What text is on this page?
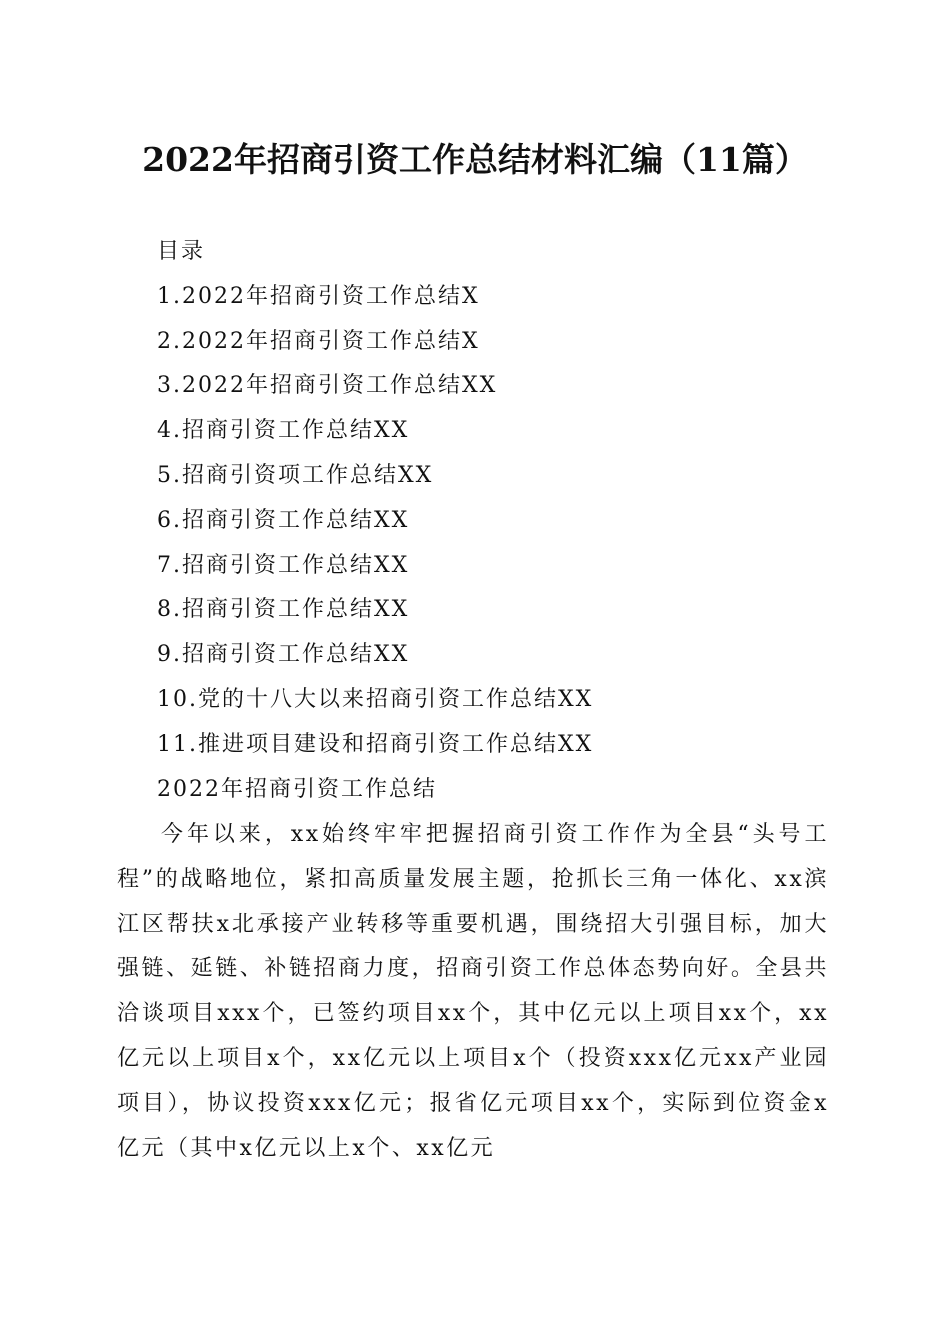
2022年招商引资工作总结材料汇编（11篇）
目录
1.2022年招商引资工作总结X
2.2022年招商引资工作总结X
3.2022年招商引资工作总结XX
4.招商引资工作总结XX
5.招商引资项工作总结XX
6.招商引资工作总结XX
7.招商引资工作总结XX
8.招商引资工作总结XX
9.招商引资工作总结XX
10.党的十八大以来招商引资工作总结XX
11.推进项目建设和招商引资工作总结XX
2022年招商引资工作总结

今年以来，xx始终牢牢把握招商引资工作作为全县“头号工程”的战略地位，紧扣高质量发展主题，抢抓长三角一体化、xx滨江区帮扶x北承接产业转移等重要机遇，围绕招大引强目标，加大强链、延链、补链招商力度，招商引资工作总体态势向好。全县共洽谈项目xxx个，已签约项目xx个，其中亿元以上项目xx个，xx亿元以上项目x个，xx亿元以上项目x个（投资xxx亿元xx产业园项目），协议投资xxx亿元；报省亿元项目xx个，实际到位资金x亿元（其中x亿元以上x个、xx亿元
